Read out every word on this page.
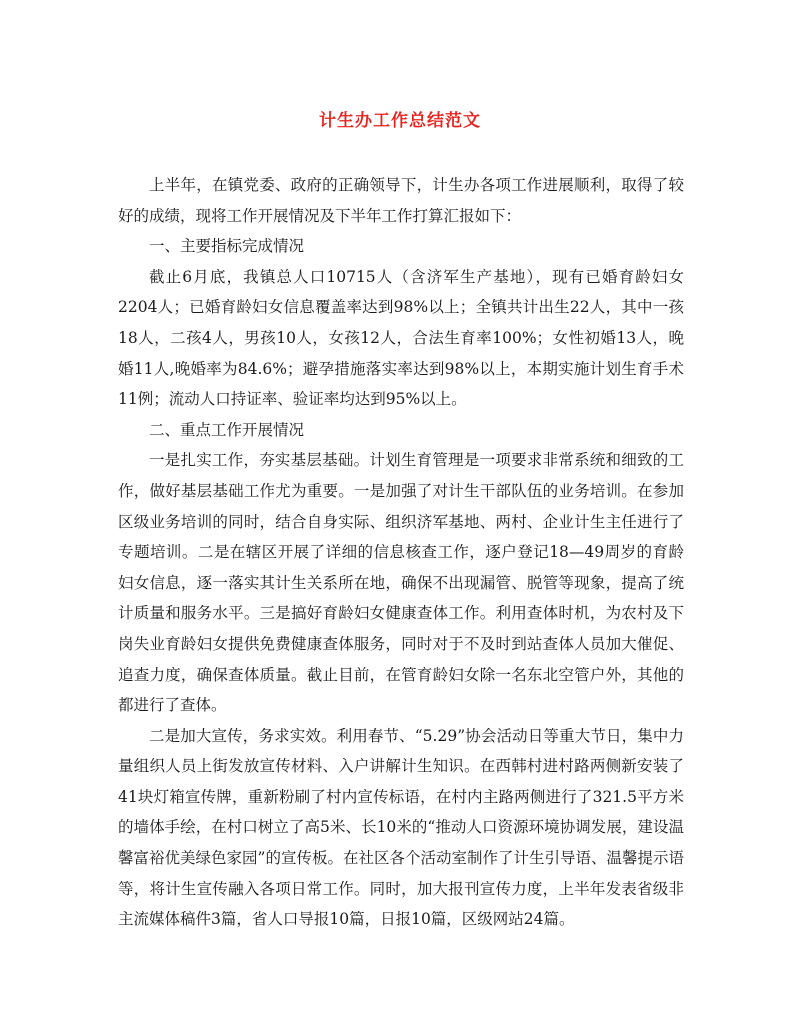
计生办工作总结范文

上半年，在镇党委、政府的正确领导下，计生办各项工作进展顺利，取得了较好的成绩，现将工作开展情况及下半年工作打算汇报如下：

一、主要指标完成情况

截止6月底，我镇总人口10715人（含济军生产基地），现有已婚育龄妇女2204人；已婚育龄妇女信息覆盖率达到98%以上；全镇共计出生22人，其中一孩18人，二孩4人，男孩10人，女孩12人，合法生育率100%；女性初婚13人，晚婚11人,晚婚率为84.6%；避孕措施落实率达到98%以上，本期实施计划生育手术11例；流动人口持证率、验证率均达到95%以上。

二、重点工作开展情况

一是扎实工作，夯实基层基础。计划生育管理是一项要求非常系统和细致的工作，做好基层基础工作尤为重要。一是加强了对计生干部队伍的业务培训。在参加区级业务培训的同时，结合自身实际、组织济军基地、两村、企业计生主任进行了专题培训。二是在辖区开展了详细的信息核查工作，逐户登记18—49周岁的育龄妇女信息，逐一落实其计生关系所在地，确保不出现漏管、脱管等现象，提高了统计质量和服务水平。三是搞好育龄妇女健康查体工作。利用查体时机，为农村及下岗失业育龄妇女提供免费健康查体服务，同时对于不及时到站查体人员加大催促、追查力度，确保查体质量。截止目前，在管育龄妇女除一名东北空管户外，其他的都进行了查体。

二是加大宣传，务求实效。利用春节、“5.29”协会活动日等重大节日，集中力量组织人员上街发放宣传材料、入户讲解计生知识。在西韩村进村路两侧新安装了41块灯箱宣传牌，重新粉刷了村内宣传标语，在村内主路两侧进行了321.5平方米的墙体手绘，在村口树立了高5米、长10米的“推动人口资源环境协调发展，建设温馨富裕优美绿色家园”的宣传板。在社区各个活动室制作了计生引导语、温馨提示语等，将计生宣传融入各项日常工作。同时，加大报刊宣传力度，上半年发表省级非主流媒体稿件3篇，省人口导报10篇，日报10篇，区级网站24篇。
